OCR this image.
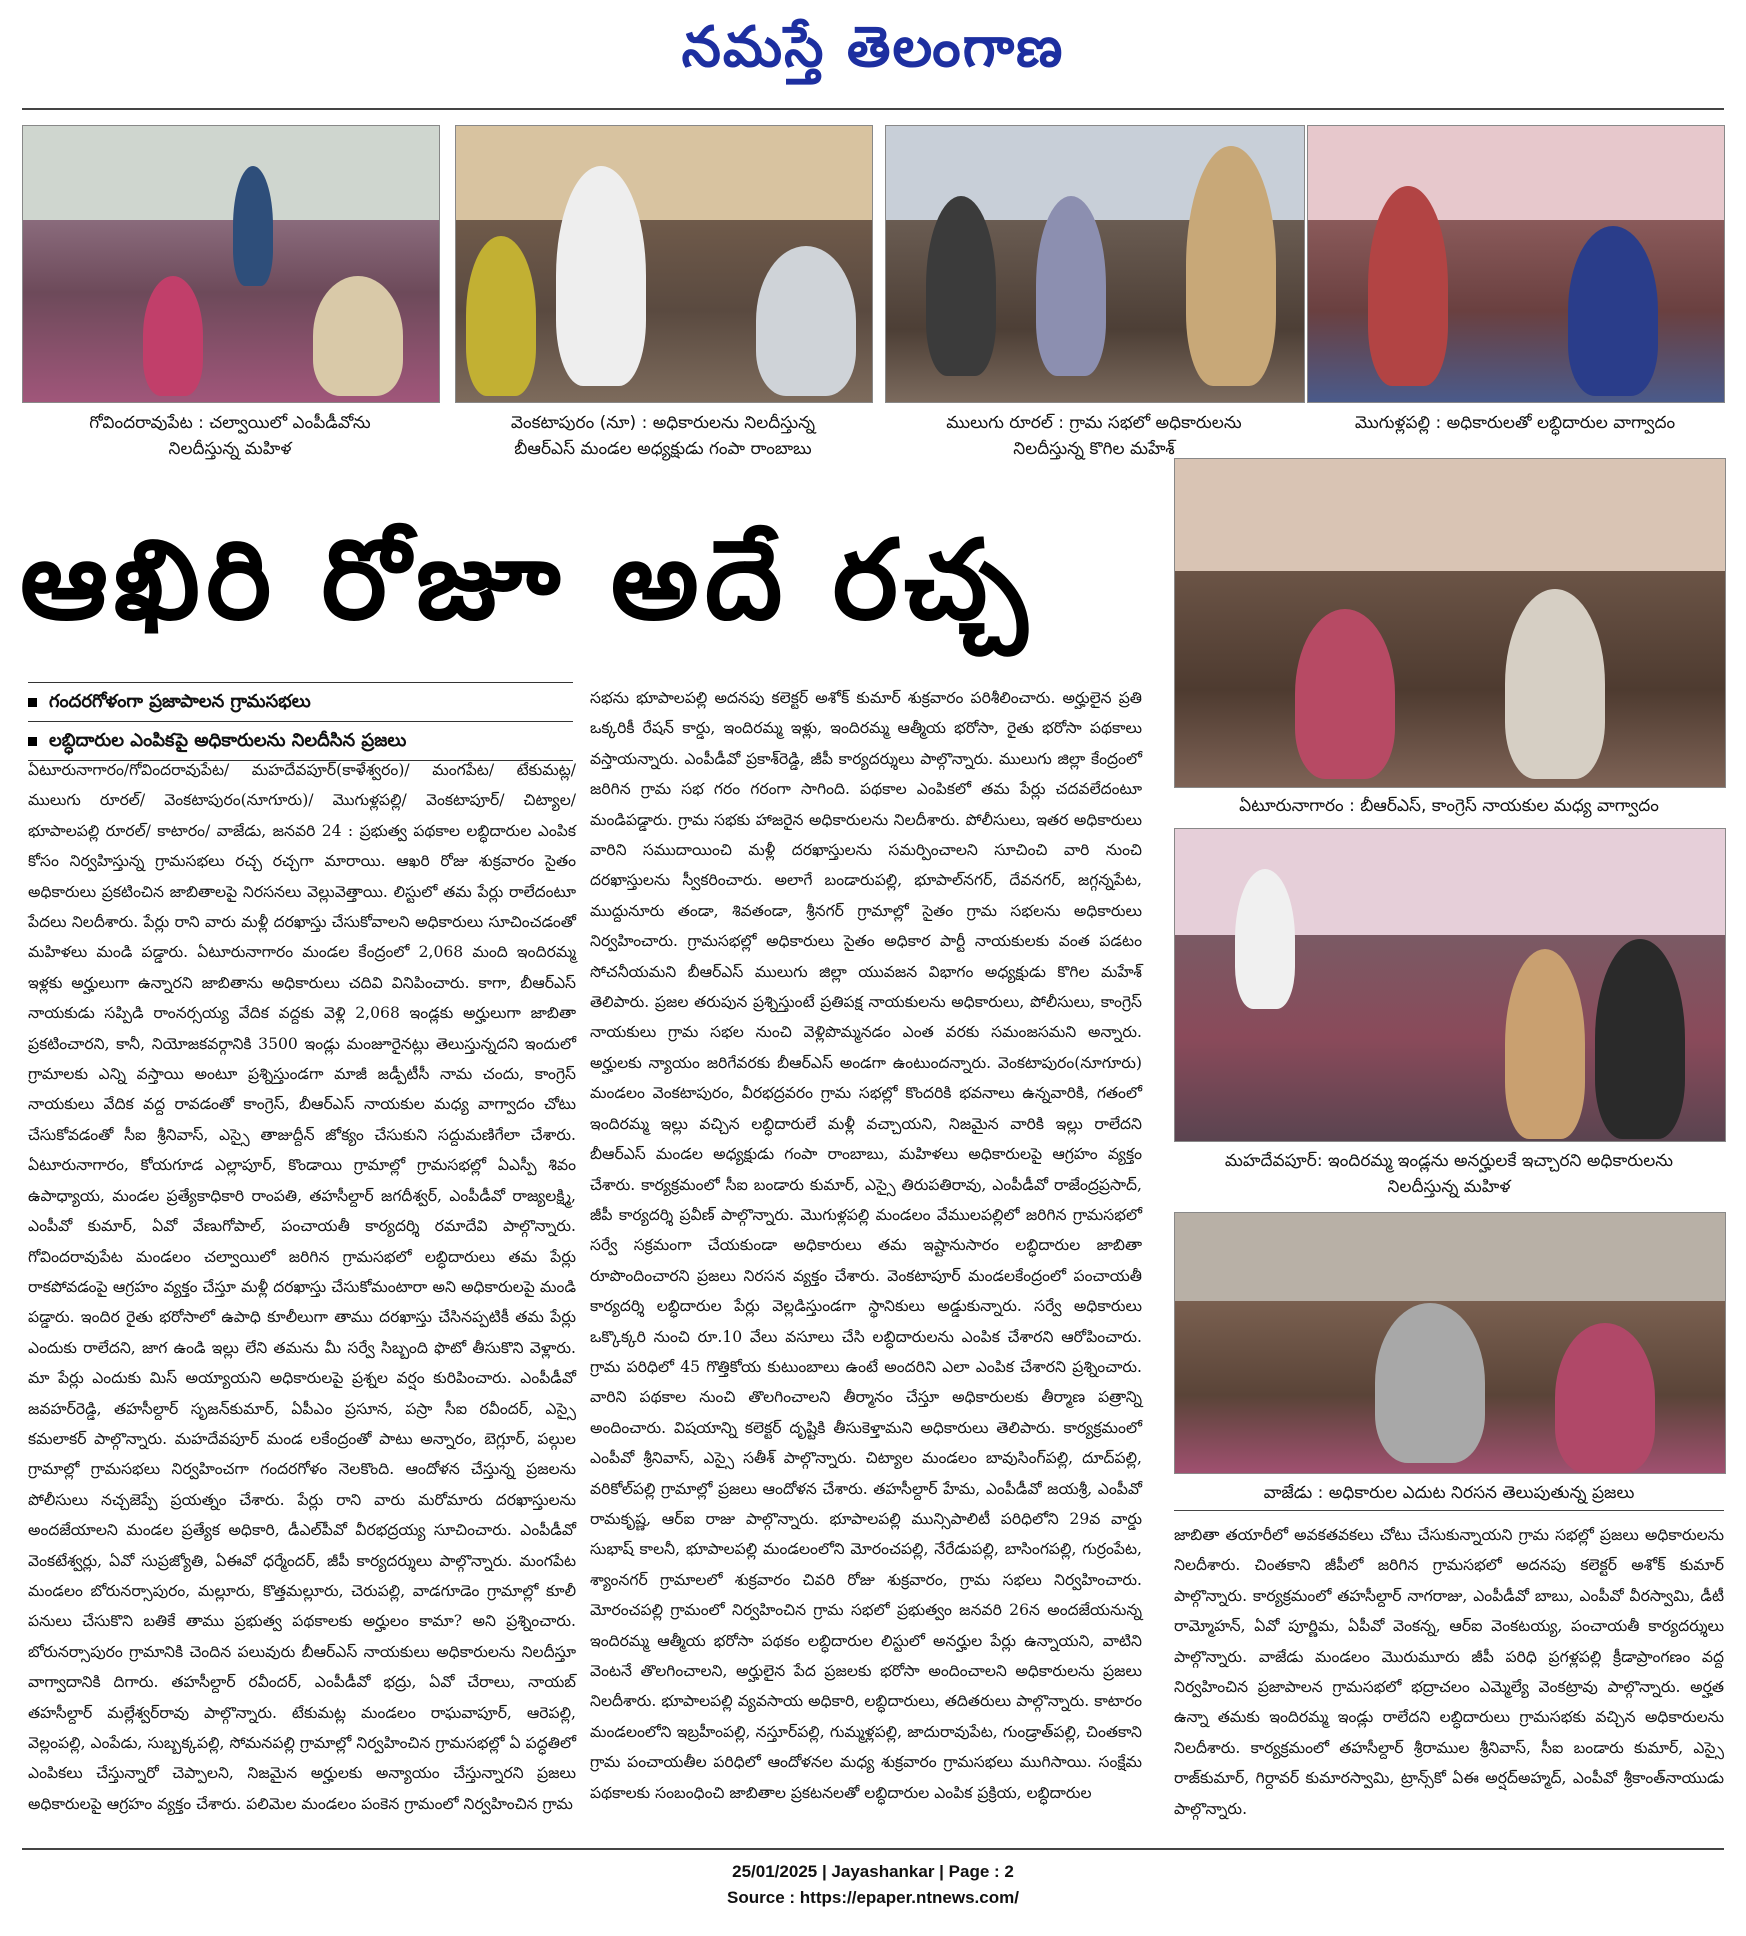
నమస్తే తెలంగాణ
గోవిందరావుపేట : చల్వాయిలో ఎంపీడీవోను
నిలదీస్తున్న మహిళ
వెంకటాపురం (నూ) : అధికారులను నిలదీస్తున్న
బీఆర్‌ఎస్‌ మండల అధ్యక్షుడు గంపా రాంబాబు
ములుగు రూరల్‌ : గ్రామ సభలో అధికారులను
నిలదీస్తున్న కొగిల మహేశ్‌
మొగుళ్లపల్లి : అధికారులతో లబ్ధిదారుల వాగ్వాదం
ఆఖిరి రోజూ అదే రచ్చ
గందరగోళంగా ప్రజాపాలన గ్రామసభలు
లబ్ధిదారుల ఎంపికపై అధికారులను నిలదీసిన ప్రజలు

ఏటూరునాగారం/గోవిందరావుపేట/ మహదేవపూర్‌(కాళేశ్వరం)/ మంగపేట/ టేకుమట్ల/ ములుగు రూరల్‌/ వెంకటాపురం(నూగూరు)/ మొగుళ్లపల్లి/ వెంకటాపూర్‌/ చిట్యాల/ భూపాలపల్లి రూరల్‌/ కాటారం/ వాజేడు, జనవరి 24 : ప్రభుత్వ పథకాల లబ్ధిదారుల ఎంపిక కోసం నిర్వహిస్తున్న గ్రామసభలు రచ్చ రచ్చగా మారాయి. ఆఖరి రోజు శుక్రవారం సైతం అధికారులు ప్రకటించిన జాబితాలపై నిరసనలు వెల్లువెత్తాయి. లిస్టులో తమ పేర్లు రాలేదంటూ పేదలు నిలదీశారు. పేర్లు రాని వారు మళ్లీ దరఖాస్తు చేసుకోవాలని అధికారులు సూచించడంతో మహిళలు మండి పడ్డారు. ఏటూరునాగారం మండల కేంద్రంలో 2,068 మంది ఇందిరమ్మ ఇళ్లకు అర్హులుగా ఉన్నారని జాబితాను అధికారులు చదివి వినిపించారు. కాగా, బీఆర్‌ఎస్‌ నాయకుడు సప్పిడి రాంనర్సయ్య వేదిక వద్దకు వెళ్లి 2,068 ఇండ్లకు అర్హులుగా జాబితా ప్రకటించారని, కానీ, నియోజకవర్గానికి 3500 ఇండ్లు మంజూరైనట్లు తెలుస్తున్నదని ఇందులో గ్రామాలకు ఎన్ని వస్తాయి అంటూ ప్రశ్నిస్తుండగా మాజీ జడ్పీటీసీ నామ చందు, కాంగ్రెస్‌ నాయకులు వేదిక వద్ద రావడంతో కాంగ్రెస్‌, బీఆర్‌ఎస్‌ నాయకుల మధ్య వాగ్వాదం చోటు చేసుకోవడంతో సీఐ శ్రీనివాస్‌, ఎస్సై తాజుద్దీన్‌ జోక్యం చేసుకుని సద్దుమణిగేలా చేశారు. ఏటూరునాగారం, కోయగూడ ఎల్లాపూర్‌, కొండాయి గ్రామాల్లో గ్రామసభల్లో ఏఎస్పీ శివం ఉపాధ్యాయ, మండల ప్రత్యేకాధికారి రాంపతి, తహసీల్దార్‌ జగదీశ్వర్‌, ఎంపీడీవో రాజ్యలక్ష్మి, ఎంపీవో కుమార్‌, ఏవో వేణుగోపాల్‌, పంచాయతీ కార్యదర్శి రమాదేవి పాల్గొన్నారు. గోవిందరావుపేట మండలం చల్వాయిలో జరిగిన గ్రామసభలో లబ్ధిదారులు తమ పేర్లు రాకపోవడంపై ఆగ్రహం వ్యక్తం చేస్తూ మళ్లీ దరఖాస్తు చేసుకోమంటారా అని అధికారులపై మండి పడ్డారు. ఇందిర రైతు భరోసాలో ఉపాధి కూలీలుగా తాము దరఖాస్తు చేసినప్పటికీ తమ పేర్లు ఎందుకు రాలేదని, జాగ ఉండి ఇల్లు లేని తమను మీ సర్వే సిబ్బంది ఫొటో తీసుకొని వెళ్లారు. మా పేర్లు ఎందుకు మిస్‌ అయ్యాయని అధికారులపై ప్రశ్నల వర్షం కురిపించారు. ఎంపీడీవో జవహర్‌రెడ్డి, తహసీల్దార్‌ సృజన్‌కుమార్‌, ఏపీఎం ప్రసూన, పస్రా సీఐ రవీందర్‌, ఎస్సై కమలాకర్‌ పాల్గొన్నారు. మహదేవపూర్‌ మండ లకేంద్రంతో పాటు అన్నారం, బెగ్లూర్‌, పల్గుల గ్రామాల్లో గ్రామసభలు నిర్వహించగా గందరగోళం నెలకొంది. ఆందోళన చేస్తున్న ప్రజలను పోలీసులు నచ్చజెప్పే ప్రయత్నం చేశారు. పేర్లు రాని వారు మరోమారు దరఖాస్తులను అందజేయాలని మండల ప్రత్యేక అధికారి, డీఎల్‌పీవో వీరభద్రయ్య సూచించారు. ఎంపీడీవో వెంకటేశ్వర్లు, ఏవో సుప్రజ్యోతి, ఏఈవో ధర్మేందర్‌, జీపీ కార్యదర్శులు పాల్గొన్నారు. మంగపేట మండలం బోరునర్సాపురం, మల్లూరు, కొత్తమల్లూరు, చెరుపల్లి, వాడగూడెం గ్రామాల్లో కూలీ పనులు చేసుకొని బతికే తాము ప్రభుత్వ పథకాలకు అర్హులం కామా? అని ప్రశ్నించారు. బోరునర్సాపురం గ్రామానికి చెందిన పలువురు బీఆర్‌ఎస్‌ నాయకులు అధికారులను నిలదీస్తూ వాగ్వాదానికి దిగారు. తహసీల్దార్‌ రవీందర్‌, ఎంపీడీవో భద్రు, ఏవో చేరాలు, నాయబ్‌ తహసీల్దార్‌ మల్లేశ్వర్‌రావు పాల్గొన్నారు. టేకుమట్ల మండలం రాఘవాపూర్‌, ఆరెపల్లి, వెల్లంపల్లి, ఎంపేడు, సుబ్బక్కపల్లి, సోమనపల్లి గ్రామాల్లో నిర్వహించిన గ్రామసభల్లో ఏ పద్ధతిలో ఎంపికలు చేస్తున్నారో చెప్పాలని, నిజమైన అర్హులకు అన్యాయం చేస్తున్నారని ప్రజలు అధికారులపై ఆగ్రహం వ్యక్తం చేశారు. పలిమెల మండలం పంకెన గ్రామంలో నిర్వహించిన గ్రామ

సభను భూపాలపల్లి అదనపు కలెక్టర్‌ అశోక్‌ కుమార్‌ శుక్రవారం పరిశీలించారు. అర్హులైన ప్రతి ఒక్కరికీ రేషన్‌ కార్డు, ఇందిరమ్మ ఇళ్లు, ఇందిరమ్మ ఆత్మీయ భరోసా, రైతు భరోసా పథకాలు వస్తాయన్నారు. ఎంపీడీవో ప్రకాశ్‌రెడ్డి, జీపీ కార్యదర్శులు పాల్గొన్నారు. ములుగు జిల్లా కేంద్రంలో జరిగిన గ్రామ సభ గరం గరంగా సాగింది. పథకాల ఎంపికలో తమ పేర్లు చదవలేదంటూ మండిపడ్డారు. గ్రామ సభకు హాజరైన అధికారులను నిలదీశారు. పోలీసులు, ఇతర అధికారులు వారిని సముదాయించి మళ్లీ దరఖాస్తులను సమర్పించాలని సూచించి వారి నుంచి దరఖాస్తులను స్వీకరించారు. అలాగే బండారుపల్లి, భూపాల్‌నగర్‌, దేవనగర్‌, జగ్గన్నపేట, ముద్దునూరు తండా, శివతండా, శ్రీనగర్‌ గ్రామాల్లో సైతం గ్రామ సభలను అధికారులు నిర్వహించారు. గ్రామసభల్లో అధికారులు సైతం అధికార పార్టీ నాయకులకు వంత పడటం సోచనీయమని బీఆర్‌ఎస్‌ ములుగు జిల్లా యువజన విభాగం అధ్యక్షుడు కొగిల మహేశ్‌ తెలిపారు. ప్రజల తరుపున ప్రశ్నిస్తుంటే ప్రతిపక్ష నాయకులను అధికారులు, పోలీసులు, కాంగ్రెస్‌ నాయకులు గ్రామ సభల నుంచి వెళ్లిపొమ్మనడం ఎంత వరకు సమంజసమని అన్నారు. అర్హులకు న్యాయం జరిగేవరకు బీఆర్‌ఎస్‌ అండగా ఉంటుందన్నారు. వెంకటాపురం(నూగూరు) మండలం వెంకటాపురం, వీరభద్రవరం గ్రామ సభల్లో కొందరికి భవనాలు ఉన్నవారికి, గతంలో ఇందిరమ్మ ఇల్లు వచ్చిన లబ్ధిదారులే మళ్లీ వచ్చాయని, నిజమైన వారికి ఇల్లు రాలేదని బీఆర్‌ఎస్‌ మండల అధ్యక్షుడు గంపా రాంబాబు, మహిళలు అధికారులపై ఆగ్రహం వ్యక్తం చేశారు. కార్యక్రమంలో సీఐ బండారు కుమార్‌, ఎస్సై తిరుపతిరావు, ఎంపీడీవో రాజేంద్రప్రసాద్‌, జీపీ కార్యదర్శి ప్రవీణ్‌ పాల్గొన్నారు. మొగుళ్లపల్లి మండలం వేములపల్లిలో జరిగిన గ్రామసభలో సర్వే సక్రమంగా చేయకుండా అధికారులు తమ ఇష్టానుసారం లబ్ధిదారుల జాబితా రూపొందించారని ప్రజలు నిరసన వ్యక్తం చేశారు. వెంకటాపూర్‌ మండలకేంద్రంలో పంచాయతీ కార్యదర్శి లబ్ధిదారుల పేర్లు వెల్లడిస్తుండగా స్థానికులు అడ్డుకున్నారు. సర్వే అధికారులు ఒక్కొక్కరి నుంచి రూ.10 వేలు వసూలు చేసి లబ్ధిదారులను ఎంపిక చేశారని ఆరోపించారు. గ్రామ పరిధిలో 45 గొత్తికోయ కుటుంబాలు ఉంటే అందరిని ఎలా ఎంపిక చేశారని ప్రశ్నించారు. వారిని పథకాల నుంచి తొలగించాలని తీర్మానం చేస్తూ అధికారులకు తీర్మాణ పత్రాన్ని అందించారు. విషయాన్ని కలెక్టర్‌ దృష్టికి తీసుకెళ్తామని అధికారులు తెలిపారు. కార్యక్రమంలో ఎంపీవో శ్రీనివాస్‌, ఎస్సై సతీశ్‌ పాల్గొన్నారు. చిట్యాల మండలం బావుసింగ్‌పల్లి, దూద్‌పల్లి, వరికోల్‌పల్లి గ్రామాల్లో ప్రజలు ఆందోళన చేశారు. తహసీల్దార్‌ హేమ, ఎంపీడీవో జయశ్రీ, ఎంపీవో రామకృష్ణ, ఆర్‌ఐ రాజు పాల్గొన్నారు. భూపాలపల్లి మున్సిపాలిటీ పరిధిలోని 29వ వార్డు సుభాష్‌ కాలనీ, భూపాలపల్లి మండలంలోని మోరంచపల్లి, నేరేడుపల్లి, బాసింగపల్లి, గుర్రంపేట, శ్యాంనగర్‌ గ్రామాలలో శుక్రవారం చివరి రోజు శుక్రవారం, గ్రామ సభలు నిర్వహించారు. మోరంచపల్లి గ్రామంలో నిర్వహించిన గ్రామ సభలో ప్రభుత్వం జనవరి 26న అందజేయనున్న ఇందిరమ్మ ఆత్మీయ భరోసా పథకం లబ్ధిదారుల లిస్టులో అనర్హుల పేర్లు ఉన్నాయని, వాటిని వెంటనే తొలగించాలని, అర్హులైన పేద ప్రజలకు భరోసా అందించాలని అధికారులను ప్రజలు నిలదీశారు. భూపాలపల్లి వ్యవసాయ అధికారి, లబ్ధిదారులు, తదితరులు పాల్గొన్నారు. కాటారం మండలంలోని ఇబ్రహీంపల్లి, నస్తూర్‌పల్లి, గుమ్మళ్లపల్లి, జాదురావుపేట, గుండ్రాత్‌పల్లి, చింతకాని గ్రామ పంచాయతీల పరిధిలో ఆందోళనల మధ్య శుక్రవారం గ్రామసభలు ముగిసాయి. సంక్షేమ పథకాలకు సంబంధించి జాబితాల ప్రకటనలతో లబ్ధిదారుల ఎంపిక ప్రక్రియ, లబ్ధిదారుల

ఏటూరునాగారం : బీఆర్‌ఎస్‌, కాంగ్రెస్‌ నాయకుల మధ్య వాగ్వాదం
మహదేవపూర్‌: ఇందిరమ్మ ఇండ్లను అనర్హులకే ఇచ్చారని అధికారులను
నిలదీస్తున్న మహిళ
వాజేడు : అధికారుల ఎదుట నిరసన తెలుపుతున్న ప్రజలు

జాబితా తయారీలో అవకతవకలు చోటు చేసుకున్నాయని గ్రామ సభల్లో ప్రజలు అధికారులను నిలదీశారు. చింతకాని జీపీలో జరిగిన గ్రామసభలో అదనపు కలెక్టర్‌ అశోక్‌ కుమార్‌ పాల్గొన్నారు. కార్యక్రమంలో తహసీల్దార్‌ నాగరాజు, ఎంపీడీవో బాబు, ఎంపీవో వీరస్వామి, డీటీ రామ్మోహన్‌, ఏవో పూర్ణిమ, ఏపీవో వెంకన్న, ఆర్‌ఐ వెంకటయ్య, పంచాయతీ కార్యదర్శులు పాల్గొన్నారు. వాజేడు మండలం మొరుమూరు జీపీ పరిధి ప్రగళ్లపల్లి క్రీడాప్రాంగణం వద్ద నిర్వహించిన ప్రజాపాలన గ్రామసభలో భద్రాచలం ఎమ్మెల్యే వెంకట్రావు పాల్గొన్నారు. అర్హత ఉన్నా తమకు ఇందిరమ్మ ఇండ్లు రాలేదని లబ్ధిదారులు గ్రామసభకు వచ్చిన అధికారులను నిలదీశారు. కార్యక్రమంలో తహసీల్దార్‌ శ్రీరాముల శ్రీనివాస్‌, సీఐ బండారు కుమార్‌, ఎస్సై రాజ్‌కుమార్‌, గిర్దావర్‌ కుమారస్వామి, ట్రాన్స్‌కో ఏఈ అర్షద్‌అహ్మద్‌, ఎంపీవో శ్రీకాంత్‌నాయుడు పాల్గొన్నారు.

25/01/2025 | Jayashankar | Page : 2
Source : https://epaper.ntnews.com/
